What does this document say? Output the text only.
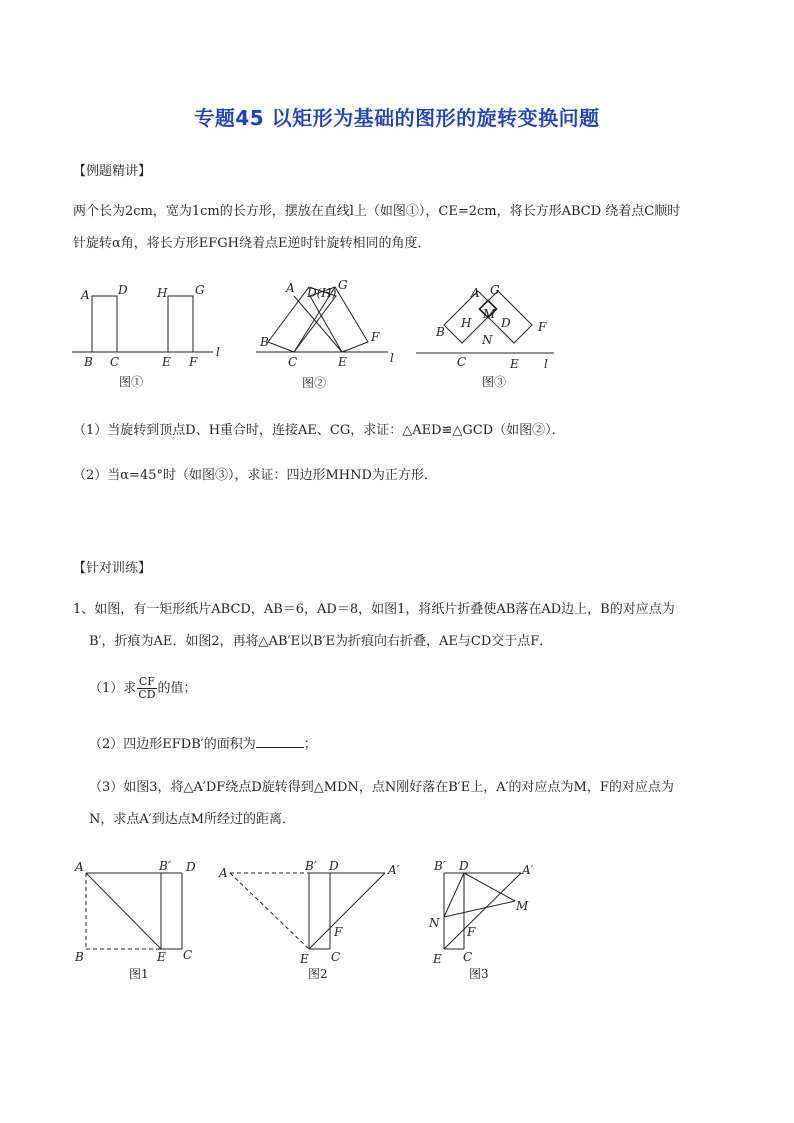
专题45 以矩形为基础的图形的旋转变换问题
【例题精讲】
两个长为2cm，宽为1cm的长方形，摆放在直线l上（如图①），CE=2cm，将长方形ABCD 绕着点C顺时
针旋转α角，将长方形EFGH绕着点E逆时针旋转相同的角度．
A D H G
B C	E F
l
图①
A D(H)
G
B
C	E
F
l
图②
A G
H
M
D
B
N
F
C	E l
图③
（1）当旋转到顶点D、H重合时，连接AE、CG，求证：△AED≌△GCD（如图②）．
（2）当α=45°时（如图③），求证：四边形MHND为正方形．
【针对训练】
1、如图，有一矩形纸片ABCD，AB＝6，AD＝8，如图1，将纸片折叠使AB落在AD边上，B的对应点为
B′，折痕为AE．如图2，再将△AB′E以B′E为折痕向右折叠，AE与CD交于点F．
（1）求 $\frac{CF}{CD}$ 的值；
（2）四边形EFDB′的面积为	；
（3）如图3，将△A′DF绕点D旋转得到△MDN，点N刚好落在B′E上，A′的对应点为M，F的对应点为
N，求点A′到达点M所经过的距离．
A	B′ D
B	E C
图1
A	B′ D	A′
F
E C
图2
B′ D	A′
M
N
F
E C
图3
